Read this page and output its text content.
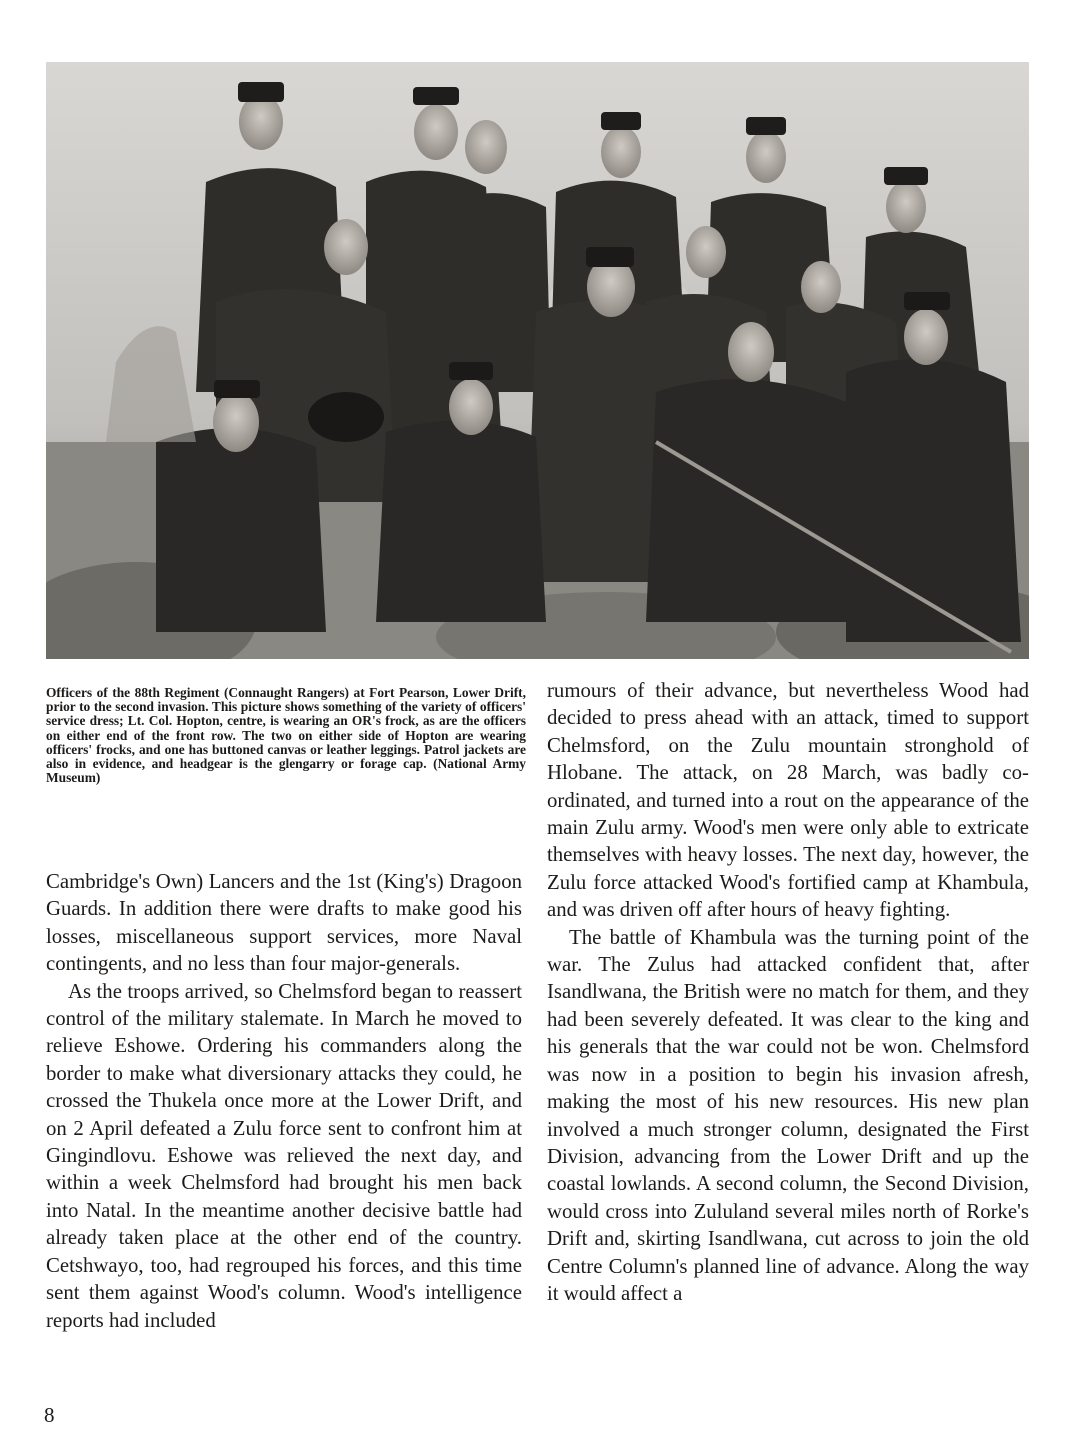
Officers of the 88th Regiment (Connaught Rangers) at Fort Pearson, Lower Drift, prior to the second invasion. This picture shows something of the variety of officers' service dress; Lt. Col. Hopton, centre, is wearing an OR's frock, as are the officers on either end of the front row. The two on either side of Hopton are wearing officers' frocks, and one has buttoned canvas or leather leggings. Patrol jackets are also in evidence, and headgear is the glengarry or forage cap. (National Army Museum)

Cambridge's Own) Lancers and the 1st (King's) Dragoon Guards. In addition there were drafts to make good his losses, miscellaneous support services, more Naval contingents, and no less than four major-generals.

As the troops arrived, so Chelmsford began to reassert control of the military stalemate. In March he moved to relieve Eshowe. Ordering his commanders along the border to make what diversionary attacks they could, he crossed the Thukela once more at the Lower Drift, and on 2 April defeated a Zulu force sent to confront him at Gingindlovu. Eshowe was relieved the next day, and within a week Chelmsford had brought his men back into Natal. In the meantime another decisive battle had already taken place at the other end of the country. Cetshwayo, too, had regrouped his forces, and this time sent them against Wood's column. Wood's intelligence reports had included

rumours of their advance, but nevertheless Wood had decided to press ahead with an attack, timed to support Chelmsford, on the Zulu mountain stronghold of Hlobane. The attack, on 28 March, was badly co-ordinated, and turned into a rout on the appearance of the main Zulu army. Wood's men were only able to extricate themselves with heavy losses. The next day, however, the Zulu force attacked Wood's fortified camp at Khambula, and was driven off after hours of heavy fighting.

The battle of Khambula was the turning point of the war. The Zulus had attacked confident that, after Isandlwana, the British were no match for them, and they had been severely defeated. It was clear to the king and his generals that the war could not be won. Chelmsford was now in a position to begin his invasion afresh, making the most of his new resources. His new plan involved a much stronger column, designated the First Division, advancing from the Lower Drift and up the coastal lowlands. A second column, the Second Division, would cross into Zululand several miles north of Rorke's Drift and, skirting Isandlwana, cut across to join the old Centre Column's planned line of advance. Along the way it would affect a

8
